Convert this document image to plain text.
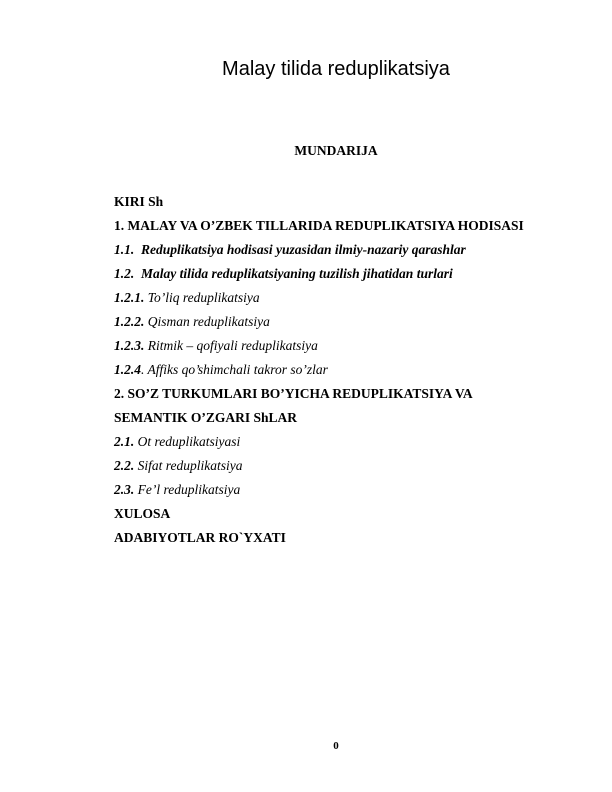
Malay tilida reduplikatsiya
MUNDARIJA
KIRI Sh
1. MALAY VA O’ZBEK TILLARIDA REDUPLIKATSIYA HODISASI
1.1. Reduplikatsiya hodisasi yuzasidan ilmiy-nazariy qarashlar
1.2. Malay tilida reduplikatsiyaning tuzilish jihatidan turlari
1.2.1. To’liq reduplikatsiya
1.2.2. Qisman reduplikatsiya
1.2.3. Ritmik – qofiyali reduplikatsiya
1.2.4. Affiks qo’shimchali takror so’zlar
2. SO’Z TURKUMLARI BO’YICHA REDUPLIKATSIYA VA
SEMANTIK O’ZGARI ShLAR
2.1. Ot reduplikatsiyasi
2.2. Sifat reduplikatsiya
2.3. Fe’l reduplikatsiya
XULOSA
ADABIYOTLAR RO`YXATI
0
